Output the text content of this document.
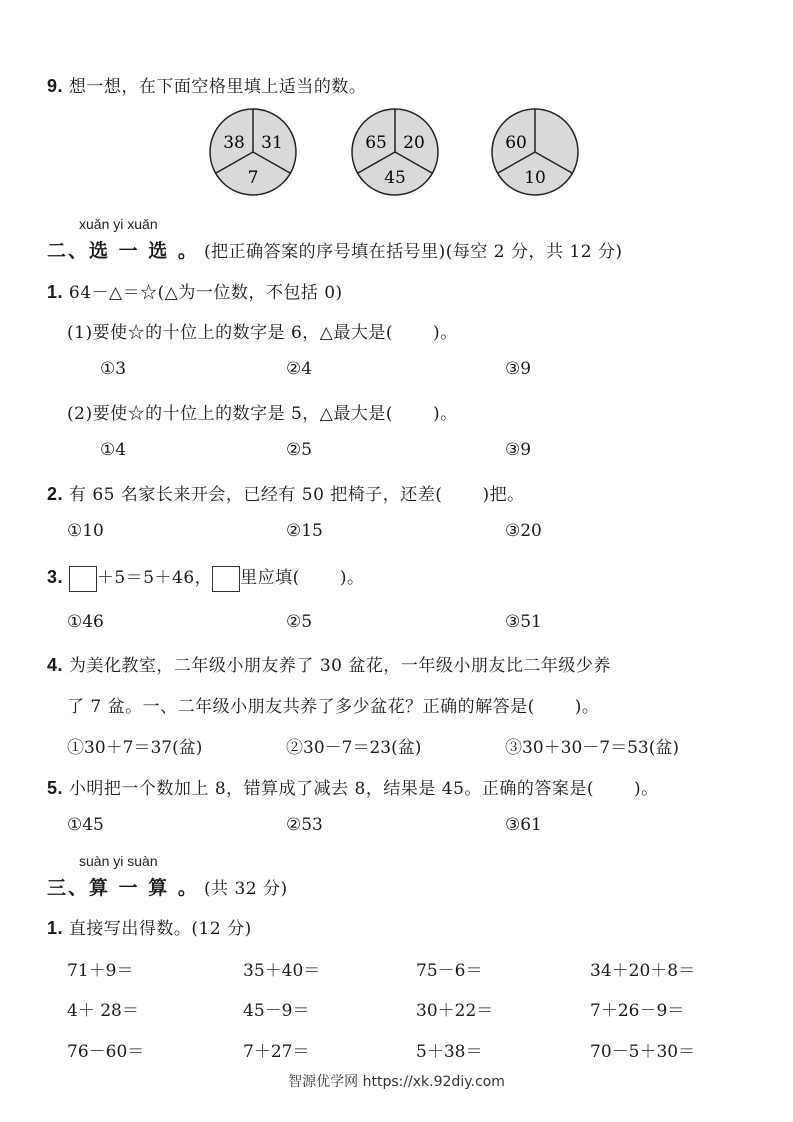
9. 想一想，在下面空格里填上适当的数。
38 31
7
65 20
45
60
10
xuǎn yi xuǎn
二、选 一 选 。 (把正确答案的序号填在括号里)(每空 2 分，共 12 分)
1. 64－△＝☆(△为一位数，不包括 0)
(1)要使☆的十位上的数字是 6，△最大是( )。
①3	②4	③9
(2)要使☆的十位上的数字是 5，△最大是( )。
①4	②5	③9
2. 有 65 名家长来开会，已经有 50 把椅子，还差( )把。
①10	②15	③20
3. ＋5＝5＋46， 里应填( )。
①46	②5	③51
4. 为美化教室，二年级小朋友养了 30 盆花，一年级小朋友比二年级少养
了 7 盆。一、二年级小朋友共养了多少盆花？正确的解答是( )。
①30＋7＝37(盆)	②30－7＝23(盆)	③30＋30－7＝53(盆)
5. 小明把一个数加上 8，错算成了减去 8，结果是 45。正确的答案是( )。
①45	②53	③61
suàn yi suàn
三、算 一 算 。 (共 32 分)
1. 直接写出得数。(12 分)
71＋9＝	35＋40＝	75－6＝	34＋20＋8＝
4＋ 28＝	45－9＝	30＋22＝	7＋26－9＝
76－60＝	7＋27＝	5＋38＝	70－5＋30＝
智源优学网 https://xk.92diy.com
